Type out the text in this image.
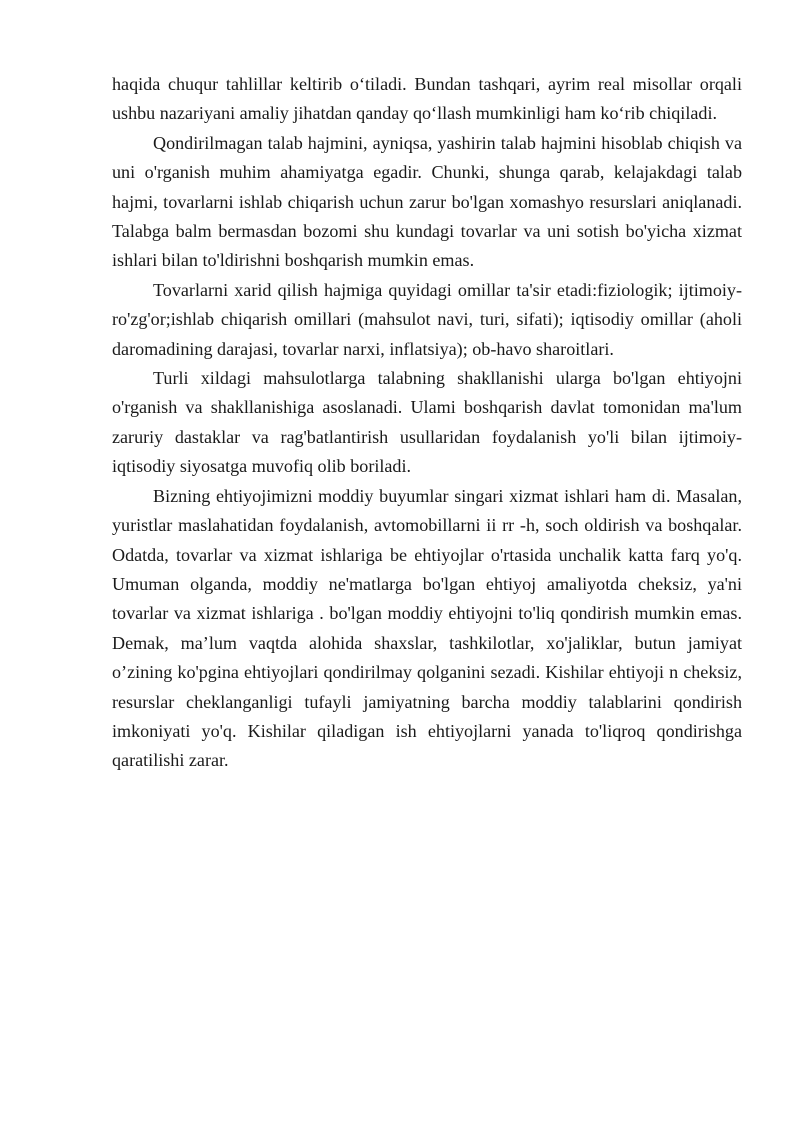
haqida chuqur tahlillar keltirib o‘tiladi. Bundan tashqari, ayrim real misollar orqali ushbu nazariyani amaliy jihatdan qanday qo‘llash mumkinligi ham ko‘rib chiqiladi.

Qondirilmagan talab hajmini, ayniqsa, yashirin talab hajmini hisoblab chiqish va uni o'rganish muhim ahamiyatga egadir. Chunki, shunga qarab, kelajakdagi talab hajmi, tovarlarni ishlab chiqarish uchun zarur bo'lgan xomashyo resurslari aniqlanadi. Talabga balm bermasdan bozomi shu kundagi tovarlar va uni sotish bo'yicha xizmat ishlari bilan to'ldirishni boshqarish mumkin emas.

Tovarlarni xarid qilish hajmiga quyidagi omillar ta'sir etadi:fiziologik; ijtimoiy-ro'zg'or;ishlab chiqarish omillari (mahsulot navi, turi, sifati); iqtisodiy omillar (aholi daromadining darajasi, tovarlar narxi, inflatsiya); ob-havo sharoitlari.

Turli xildagi mahsulotlarga talabning shakllanishi ularga bo'lgan ehtiyojni o'rganish va shakllanishiga asoslanadi. Ulami boshqarish davlat tomonidan ma'lum zaruriy dastaklar va rag'batlantirish usullaridan foydalanish yo'li bilan ijtimoiy-iqtisodiy siyosatga muvofiq olib boriladi.

Bizning ehtiyojimizni moddiy buyumlar singari xizmat ishlari ham di. Masalan, yuristlar maslahatidan foydalanish, avtomobillarni ii rr -h, soch oldirish va boshqalar. Odatda, tovarlar va xizmat ishlariga be ehtiyojlar o'rtasida unchalik katta farq yo'q. Umuman olganda, moddiy ne'matlarga bo'lgan ehtiyoj amaliyotda cheksiz, ya'ni tovarlar va xizmat ishlariga . bo'lgan moddiy ehtiyojni to'liq qondirish mumkin emas. Demak, ma’lum vaqtda alohida shaxslar, tashkilotlar, xo'jaliklar, butun jamiyat o’zining ko'pgina ehtiyojlari qondirilmay qolganini sezadi. Kishilar ehtiyoji n cheksiz, resurslar cheklanganligi tufayli jamiyatning barcha moddiy talablarini qondirish imkoniyati yo'q. Kishilar qiladigan ish ehtiyojlarni yanada to'liqroq qondirishga qaratilishi zarar.
